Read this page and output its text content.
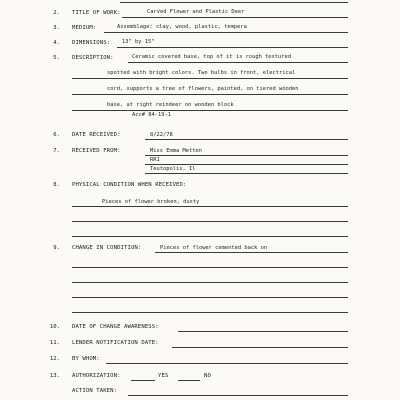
2. TITLE OF WORK:	Carved Flower and Plastic Deer
3. MEDIUM:	Assemblage: clay, wood, plastic, tempera
4. DIMENSIONS: 13" by 15"
5. DESCRIPTION:	Ceramic covered base, top of it is rough textured
spotted with bright colors. Two bulbs in front, electrical
cord, supports a tree of flowers, painted, on tiered wooden
base, at right reindeer on wooden block
Acc# 84-19-1
6. DATE RECEIVED:	8/22/78
7. RECEIVED FROM:	Miss Emma Metten
RR1
Teutopolis, Il
8. PHYSICAL CONDITION WHEN RECEIVED:
Pieces of flower broken, dusty
9. CHANGE IN CONDITION:	Pieces of flower cemented back on
10. DATE OF CHANGE AWARENESS:
11. LENDER NOTIFICATION DATE:
12. BY WHOM:
13. AUTHORIZATION:	YES	NO
ACTION TAKEN:
